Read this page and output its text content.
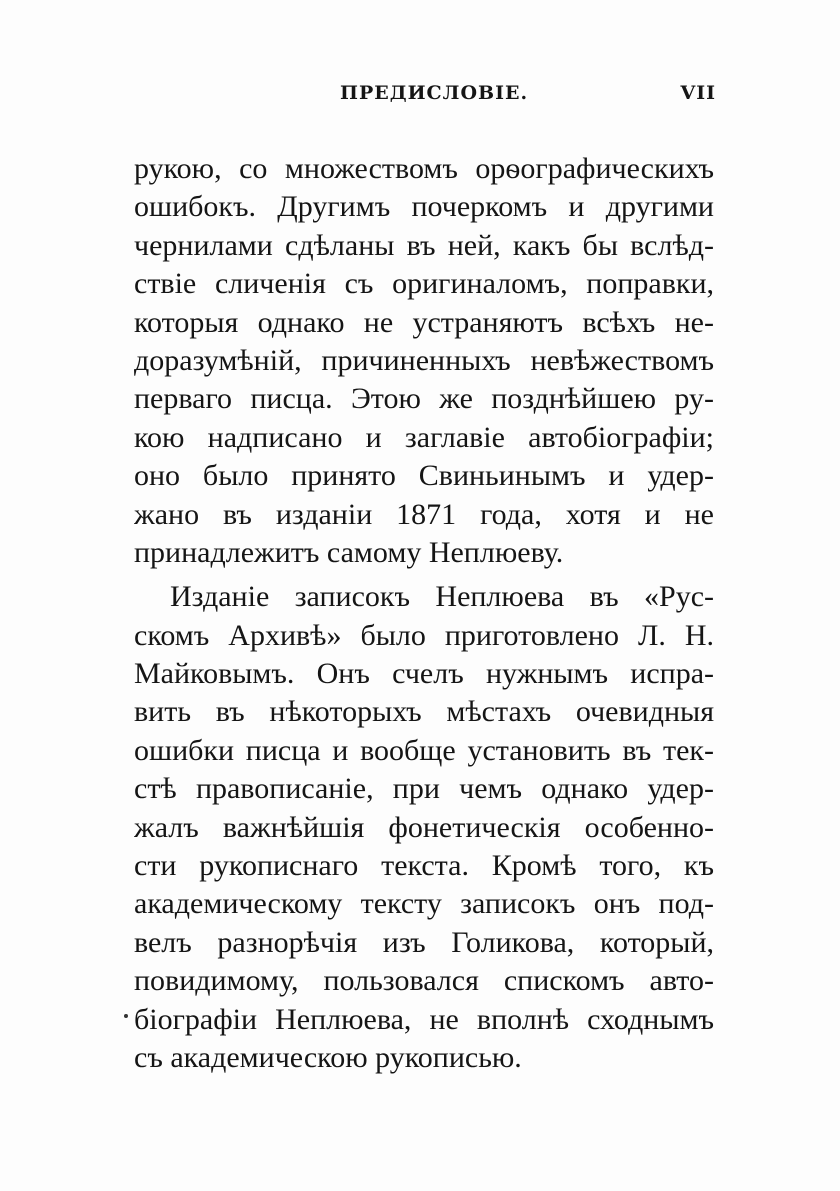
ПРЕДИСЛОВІЕ.	VII
рукою, со множествомъ орѳографическихъ
ошибокъ. Другимъ почеркомъ и другими
чернилами сдѣланы въ ней, какъ бы вслѣд-
ствіе сличенія съ оригиналомъ, поправки,
которыя однако не устраняютъ всѣхъ не-
доразумѣній, причиненныхъ невѣжествомъ
перваго писца. Этою же позднѣйшею ру-
кою надписано и заглавіе автобіографіи;
оно было принято Свиньинымъ и удер-
жано въ изданіи 1871 года, хотя и не
принадлежитъ самому Неплюеву.
Изданіе записокъ Неплюева въ «Рус-
скомъ Архивѣ» было приготовлено Л. Н.
Майковымъ. Онъ счелъ нужнымъ испра-
вить въ нѣкоторыхъ мѣстахъ очевидныя
ошибки писца и вообще установить въ тек-
стѣ правописаніе, при чемъ однако удер-
жалъ важнѣйшія фонетическія особенно-
сти рукописнаго текста. Кромѣ того, къ
академическому тексту записокъ онъ под-
велъ разнорѣчія изъ Голикова, который,
повидимому, пользовался спискомъ авто-
біографіи Неплюева, не вполнѣ сходнымъ
съ академическою рукописью.
